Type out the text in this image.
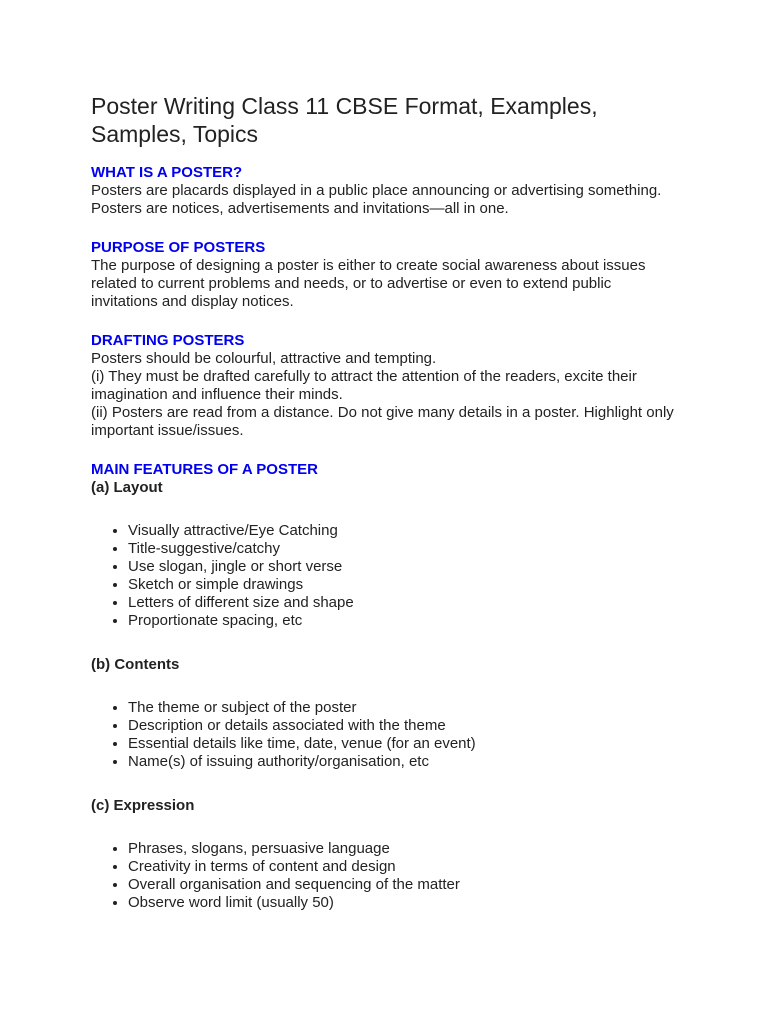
Poster Writing Class 11 CBSE Format, Examples,
Samples, Topics

WHAT IS A POSTER?

Posters are placards displayed in a public place announcing or advertising something.
Posters are notices, advertisements and invitations—all in one.

PURPOSE OF POSTERS

The purpose of designing a poster is either to create social awareness about issues
related to current problems and needs, or to advertise or even to extend public
invitations and display notices.

DRAFTING POSTERS

Posters should be colourful, attractive and tempting.
(i) They must be drafted carefully to attract the attention of the readers, excite their
imagination and influence their minds.
(ii) Posters are read from a distance. Do not give many details in a poster. Highlight only
important issue/issues.

MAIN FEATURES OF A POSTER

(a) Layout

• Visually attractive/Eye Catching
• Title-suggestive/catchy
• Use slogan, jingle or short verse
• Sketch or simple drawings
• Letters of different size and shape
• Proportionate spacing, etc

(b) Contents

• The theme or subject of the poster
• Description or details associated with the theme
• Essential details like time, date, venue (for an event)
• Name(s) of issuing authority/organisation, etc

(c) Expression

• Phrases, slogans, persuasive language
• Creativity in terms of content and design
• Overall organisation and sequencing of the matter
• Observe word limit (usually 50)
